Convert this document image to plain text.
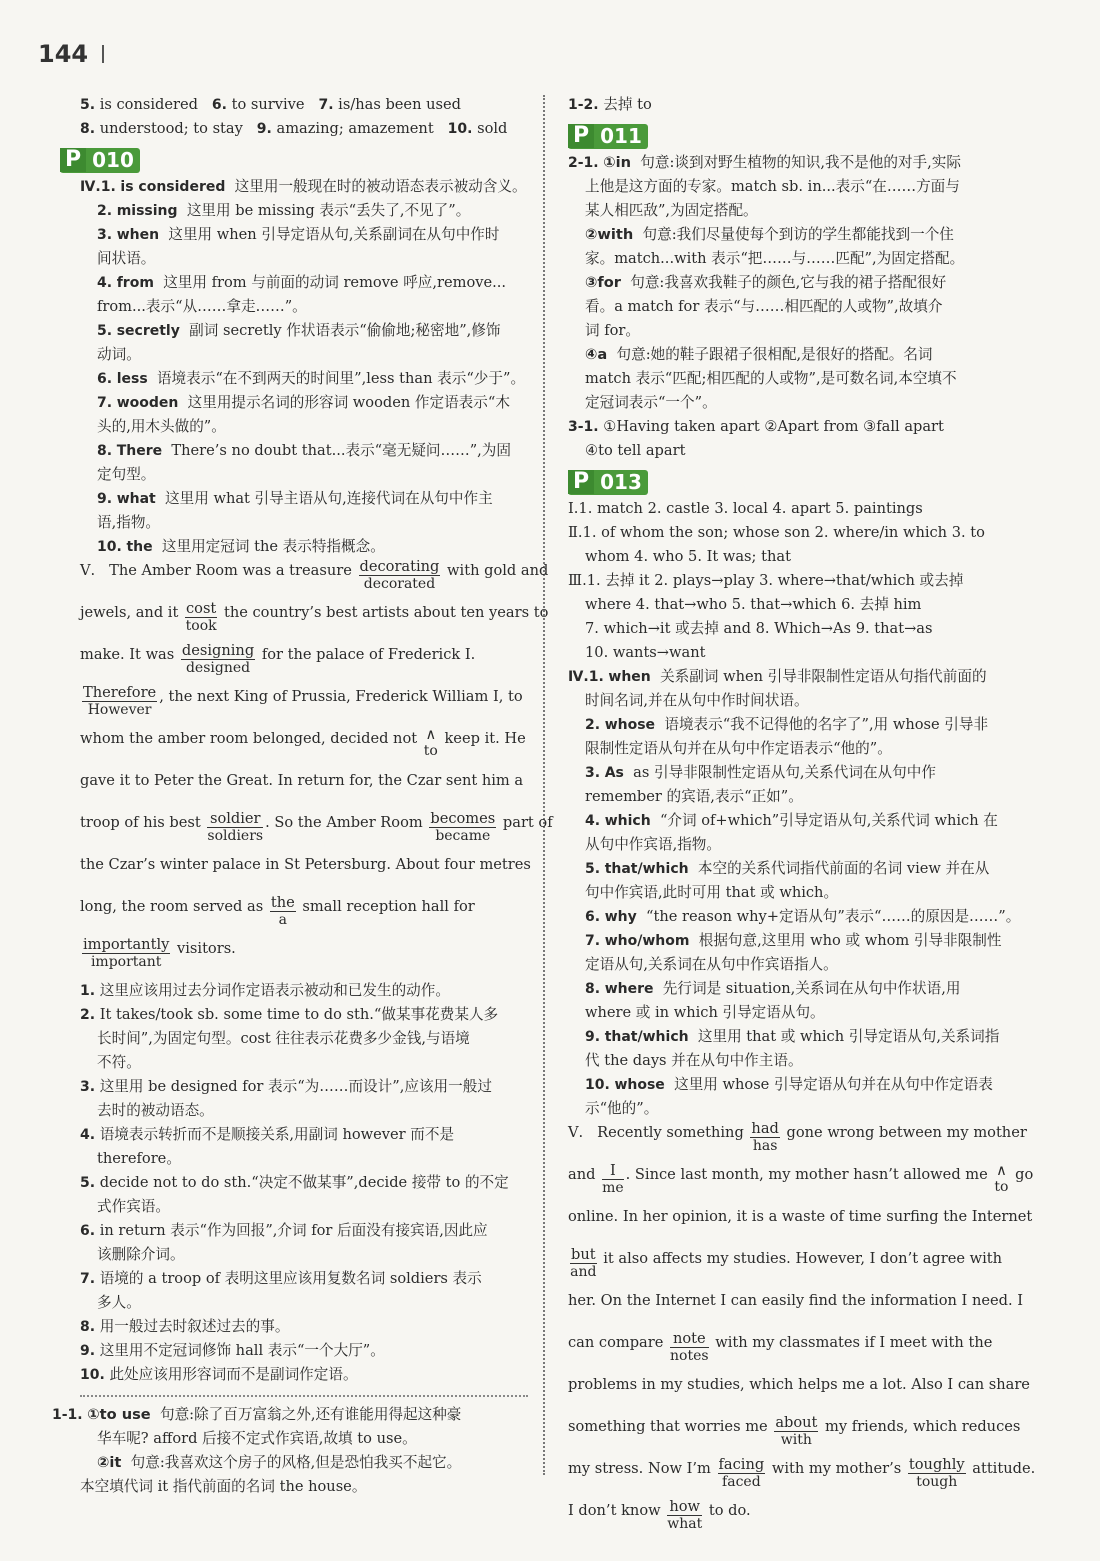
144
5. is considered 6. to survive 7. is/has been used
8. understood; to stay 9. amazing; amazement 10. sold
P 010
Ⅳ.1. is considered 这里用一般现在时的被动语态表示被动含义。
2. missing 这里用 be missing 表示“丢失了,不见了”。
3. when 这里用 when 引导定语从句,关系副词在从句中作时
间状语。
4. from 这里用 from 与前面的动词 remove 呼应,remove...
from...表示“从……拿走……”。
5. secretly 副词 secretly 作状语表示“偷偷地;秘密地”,修饰
动词。
6. less 语境表示“在不到两天的时间里”,less than 表示“少于”。
7. wooden 这里用提示名词的形容词 wooden 作定语表示“木
头的,用木头做的”。
8. There There’s no doubt that...表示“毫无疑问……”,为固
定句型。
9. what 这里用 what 引导主语从句,连接代词在从句中作主
语,指物。
10. the 这里用定冠词 the 表示特指概念。
Ⅴ. The Amber Room was a treasure decorating
decorated
with gold and
jewels, and it cost
took
the country’s best artists about ten years to
make. It was designing
designed
for the palace of Frederick Ⅰ.
Therefore
However
, the next King of Prussia, Frederick William Ⅰ, to
whom the amber room belonged, decided not ∧
to
keep it. He
gave it to Peter the Great. In return for, the Czar sent him a
troop of his best soldier
soldiers
. So the Amber Room becomes
became
part of
the Czar’s winter palace in St Petersburg. About four metres
long, the room served as the
a
small reception hall for
importantly
important
visitors.
1. 这里应该用过去分词作定语表示被动和已发生的动作。
2. It takes/took sb. some time to do sth.“做某事花费某人多
长时间”,为固定句型。cost 往往表示花费多少金钱,与语境
不符。
3. 这里用 be designed for 表示“为……而设计”,应该用一般过
去时的被动语态。
4. 语境表示转折而不是顺接关系,用副词 however 而不是
therefore。
5. decide not to do sth.“决定不做某事”,decide 接带 to 的不定
式作宾语。
6. in return 表示“作为回报”,介词 for 后面没有接宾语,因此应
该删除介词。
7. 语境的 a troop of 表明这里应该用复数名词 soldiers 表示
多人。
8. 用一般过去时叙述过去的事。
9. 这里用不定冠词修饰 hall 表示“一个大厅”。
10. 此处应该用形容词而不是副词作定语。
1-1. ①to use 句意:除了百万富翁之外,还有谁能用得起这种豪
华车呢? afford 后接不定式作宾语,故填 to use。
②it 句意:我喜欢这个房子的风格,但是恐怕我买不起它。
本空填代词 it 指代前面的名词 the house。
1-2. 去掉 to
P 011
2-1. ①in 句意:谈到对野生植物的知识,我不是他的对手,实际
上他是这方面的专家。match sb. in...表示“在……方面与
某人相匹敌”,为固定搭配。
②with 句意:我们尽量使每个到访的学生都能找到一个住
家。match...with 表示“把……与……匹配”,为固定搭配。
③for 句意:我喜欢我鞋子的颜色,它与我的裙子搭配很好
看。a match for 表示“与……相匹配的人或物”,故填介
词 for。
④a 句意:她的鞋子跟裙子很相配,是很好的搭配。名词
match 表示“匹配;相匹配的人或物”,是可数名词,本空填不
定冠词表示“一个”。
3-1. ①Having taken apart ②Apart from ③fall apart
④to tell apart
P 013
Ⅰ.1. match 2. castle 3. local 4. apart 5. paintings
Ⅱ.1. of whom the son; whose son 2. where/in which 3. to
whom 4. who 5. It was; that
Ⅲ.1. 去掉 it 2. plays→play 3. where→that/which 或去掉
where 4. that→who 5. that→which 6. 去掉 him
7. which→it 或去掉 and 8. Which→As 9. that→as
10. wants→want
Ⅳ.1. when 关系副词 when 引导非限制性定语从句指代前面的
时间名词,并在从句中作时间状语。
2. whose 语境表示“我不记得他的名字了”,用 whose 引导非
限制性定语从句并在从句中作定语表示“他的”。
3. As as 引导非限制性定语从句,关系代词在从句中作
remember 的宾语,表示“正如”。
4. which “介词 of+which”引导定语从句,关系代词 which 在
从句中作宾语,指物。
5. that/which 本空的关系代词指代前面的名词 view 并在从
句中作宾语,此时可用 that 或 which。
6. why “the reason why+定语从句”表示“……的原因是……”。
7. who/whom 根据句意,这里用 who 或 whom 引导非限制性
定语从句,关系词在从句中作宾语指人。
8. where 先行词是 situation,关系词在从句中作状语,用
where 或 in which 引导定语从句。
9. that/which 这里用 that 或 which 引导定语从句,关系词指
代 the days 并在从句中作主语。
10. whose 这里用 whose 引导定语从句并在从句中作定语表
示“他的”。
Ⅴ. Recently something had
has
gone wrong between my mother
and $\frac{I}{me}$ . Since last month, my mother hasn’t allowed me ∧
to
go
online. In her opinion, it is a waste of time surfing the Internet
but
and
it also affects my studies. However, I don’t agree with
her. On the Internet I can easily find the information I need. I
can compare note
notes
with my classmates if I meet with the
problems in my studies, which helps me a lot. Also I can share
something that worries me about
with
my friends, which reduces
my stress. Now I’m facing
faced
with my mother’s toughly
tough
attitude.
I don’t know how
what
to do.
